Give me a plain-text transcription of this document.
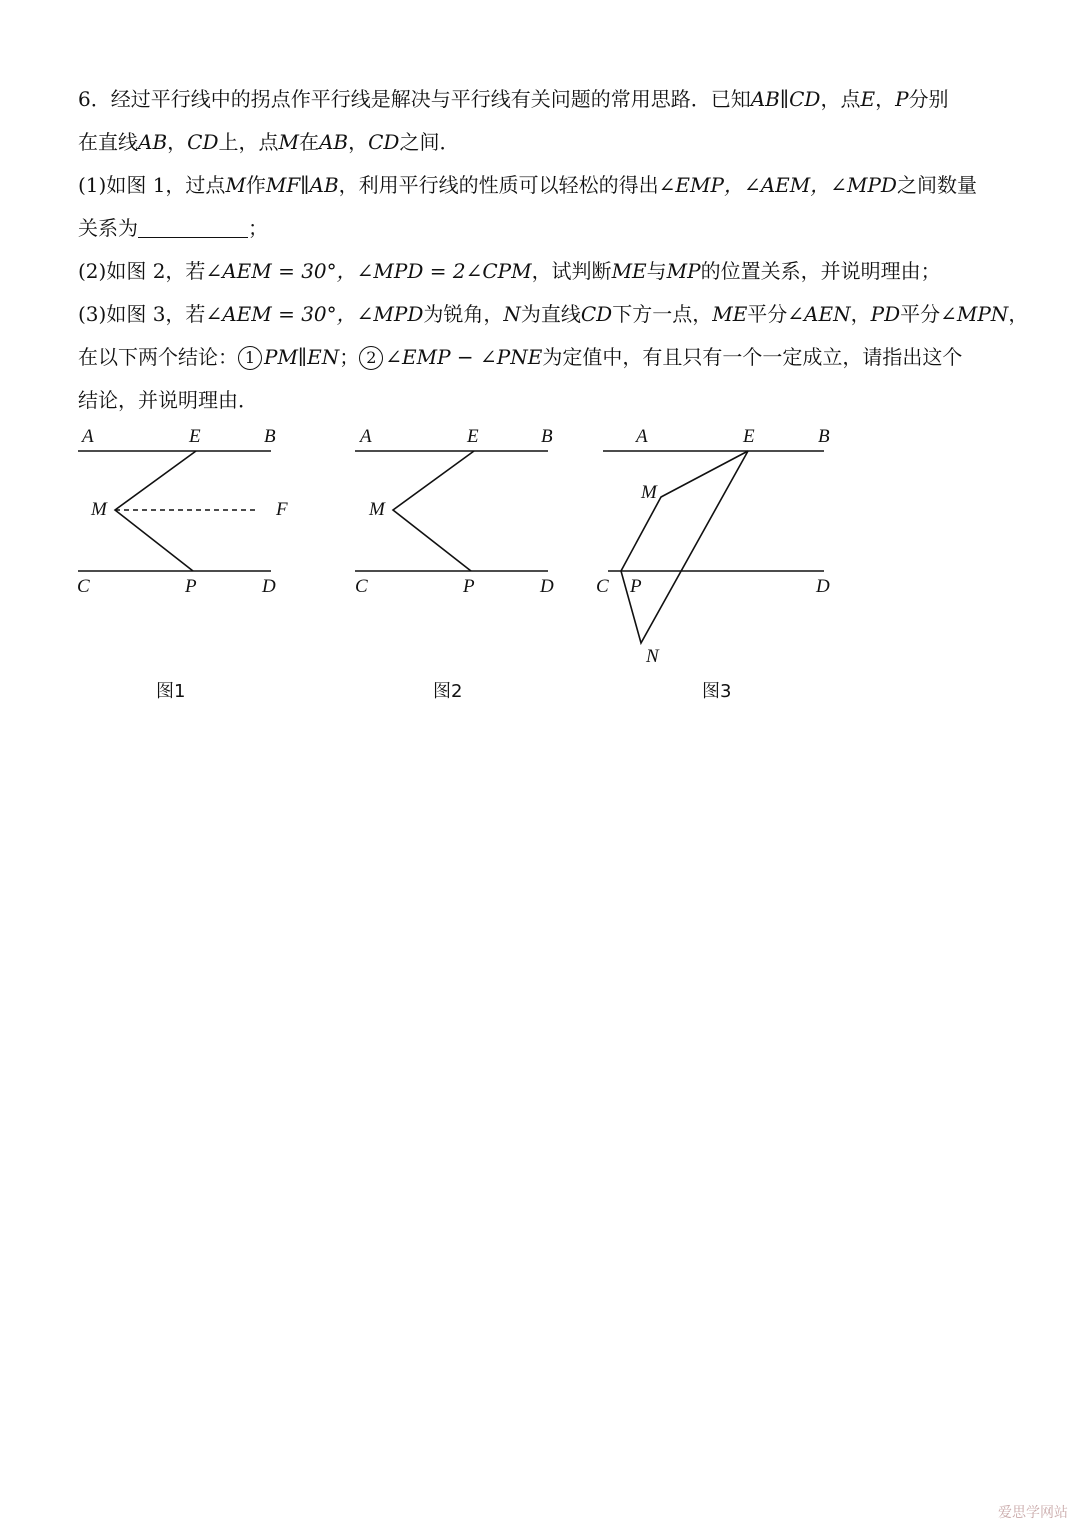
6．经过平行线中的拐点作平行线是解决与平行线有关问题的常用思路．已知AB∥CD，点E，P分别
在直线AB，CD上，点M在AB，CD之间．
(1)如图 1，过点M作MF∥AB，利用平行线的性质可以轻松的得出∠EMP，∠AEM，∠MPD之间数量
关系为	；
(2)如图 2，若∠AEM = 30°，∠MPD = 2∠CPM，试判断ME与MP的位置关系，并说明理由；
(3)如图 3，若∠AEM = 30°，∠MPD为锐角，N为直线CD下方一点，ME平分∠AEN，PD平分∠MPN，
在以下两个结论： 1 PM∥EN； 2 ∠EMP − ∠PNE为定值中，有且只有一个一定成立，请指出这个
结论，并说明理由．
A	E	B
M	F
C	P	D
图1
A	E	B
M
C	P	D
图2
A	E	B
M
C P	D
N
图3
爱思学网站
